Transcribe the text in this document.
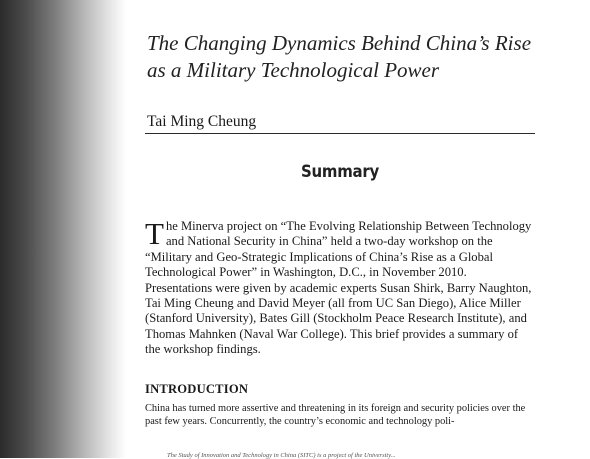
The Changing Dynamics Behind China’s Rise as a Military Technological Power
Tai Ming Cheung
Summary

The Minerva project on “The Evolving Relationship Between Technology and National Security in China” held a two-day workshop on the “Military and Geo-Strategic Implications of China’s Rise as a Global Technological Power” in Washington, D.C., in November 2010. Presentations were given by academic experts Susan Shirk, Barry Naughton, Tai Ming Cheung and David Meyer (all from UC San Diego), Alice Miller (Stanford University), Bates Gill (Stockholm Peace Research Institute), and Thomas Mahnken (Naval War College). This brief provides a summary of the workshop findings.

INTRODUCTION

China has turned more assertive and threatening in its foreign and security policies over the past few years. Concurrently, the country’s economic and technology poli-

The Study of Innovation and Technology in China (SITC) is a project of the University...
